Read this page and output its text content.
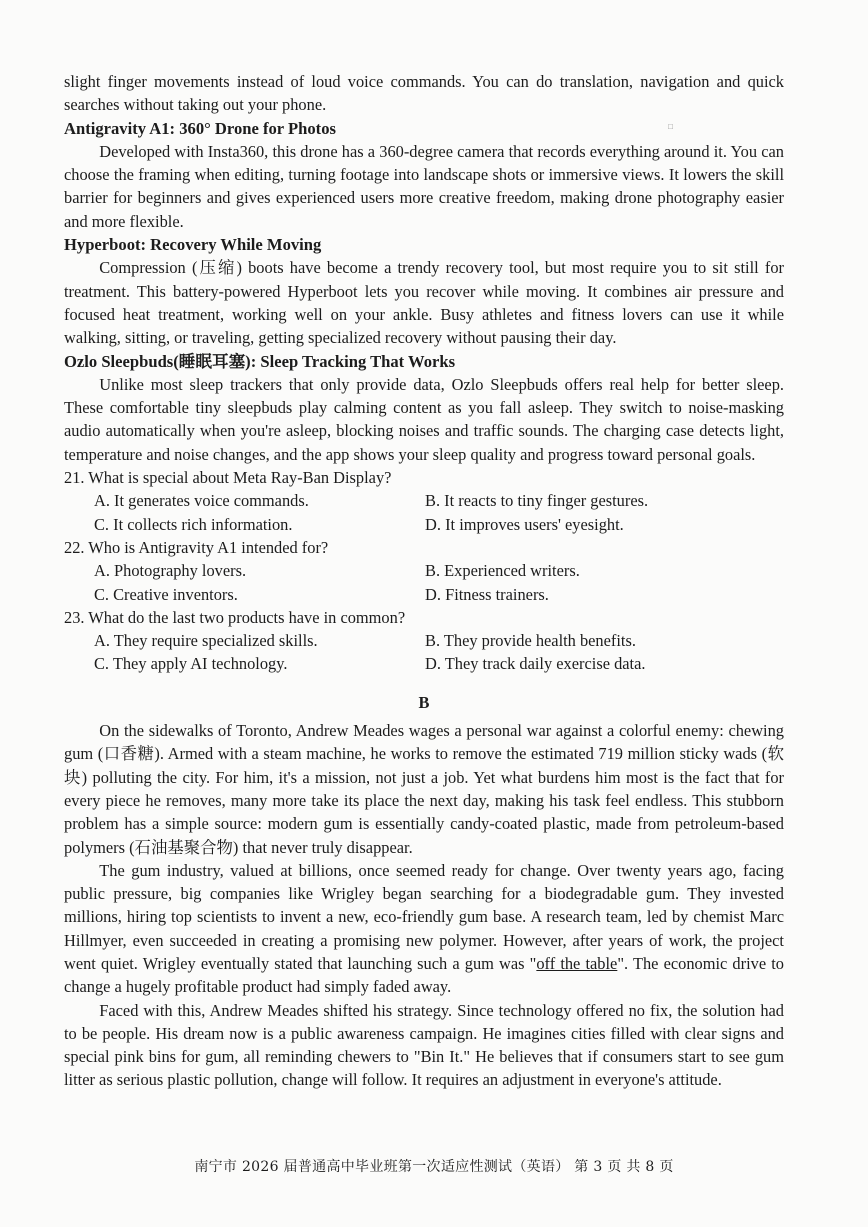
□

slight finger movements instead of loud voice commands. You can do translation, navigation and quick searches without taking out your phone.

Antigravity A1: 360° Drone for Photos

Developed with Insta360, this drone has a 360-degree camera that records everything around it. You can choose the framing when editing, turning footage into landscape shots or immersive views. It lowers the skill barrier for beginners and gives experienced users more creative freedom, making drone photography easier and more flexible.

Hyperboot: Recovery While Moving

Compression (压缩) boots have become a trendy recovery tool, but most require you to sit still for treatment. This battery-powered Hyperboot lets you recover while moving. It combines air pressure and focused heat treatment, working well on your ankle. Busy athletes and fitness lovers can use it while walking, sitting, or traveling, getting specialized recovery without pausing their day.

Ozlo Sleepbuds(睡眠耳塞): Sleep Tracking That Works

Unlike most sleep trackers that only provide data, Ozlo Sleepbuds offers real help for better sleep. These comfortable tiny sleepbuds play calming content as you fall asleep. They switch to noise-masking audio automatically when you're asleep, blocking noises and traffic sounds. The charging case detects light, temperature and noise changes, and the app shows your sleep quality and progress toward personal goals.

21. What is special about Meta Ray-Ban Display?

A. It generates voice commands.	B. It reacts to tiny finger gestures.
C. It collects rich information.	D. It improves users' eyesight.

22. Who is Antigravity A1 intended for?

A. Photography lovers.	B. Experienced writers.
C. Creative inventors.	D. Fitness trainers.

23. What do the last two products have in common?

A. They require specialized skills.	B. They provide health benefits.
C. They apply AI technology.	D. They track daily exercise data.

B

On the sidewalks of Toronto, Andrew Meades wages a personal war against a colorful enemy: chewing gum (口香糖). Armed with a steam machine, he works to remove the estimated 719 million sticky wads (软块) polluting the city. For him, it's a mission, not just a job. Yet what burdens him most is the fact that for every piece he removes, many more take its place the next day, making his task feel endless. This stubborn problem has a simple source: modern gum is essentially candy-coated plastic, made from petroleum-based polymers (石油基聚合物) that never truly disappear.

The gum industry, valued at billions, once seemed ready for change. Over twenty years ago, facing public pressure, big companies like Wrigley began searching for a biodegradable gum. They invested millions, hiring top scientists to invent a new, eco-friendly gum base. A research team, led by chemist Marc Hillmyer, even succeeded in creating a promising new polymer. However, after years of work, the project went quiet. Wrigley eventually stated that launching such a gum was "off the table". The economic drive to change a hugely profitable product had simply faded away.

Faced with this, Andrew Meades shifted his strategy. Since technology offered no fix, the solution had to be people. His dream now is a public awareness campaign. He imagines cities filled with clear signs and special pink bins for gum, all reminding chewers to "Bin It." He believes that if consumers start to see gum litter as serious plastic pollution, change will follow. It requires an adjustment in everyone's attitude.

南宁市 2026 届普通高中毕业班第一次适应性测试（英语） 第 3 页 共 8 页
